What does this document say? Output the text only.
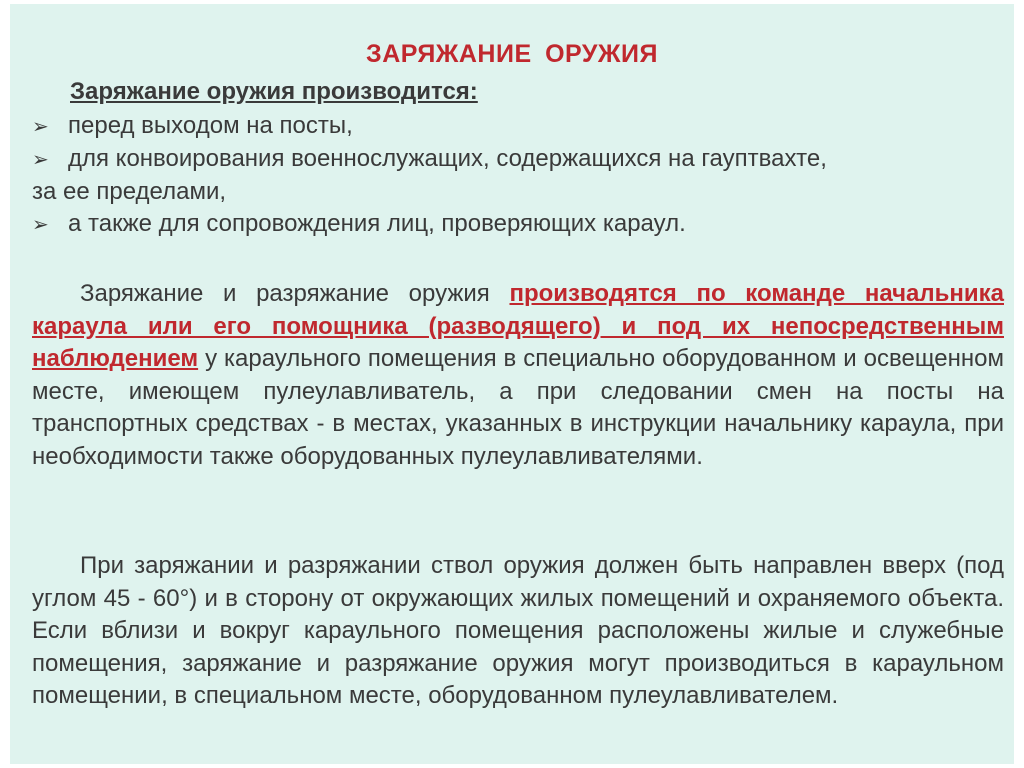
ЗАРЯЖАНИЕ ОРУЖИЯ
Заряжание оружия производится:
➢ перед выходом на посты,
➢ для конвоирования военнослужащих, содержащихся на гауптвахте,
за ее пределами,
➢ а также для сопровождения лиц, проверяющих караул.
Заряжание и разряжание оружия производятся по команде начальника караула или его помощника (разводящего) и под их непосредственным наблюдением у караульного помещения в специально оборудованном и освещенном месте, имеющем пулеулавливатель, а при следовании смен на посты на транспортных средствах - в местах, указанных в инструкции начальнику караула, при необходимости также оборудованных пулеулавливателями.
При заряжании и разряжании ствол оружия должен быть направлен вверх (под углом 45 - 60°) и в сторону от окружающих жилых помещений и охраняемого объекта. Если вблизи и вокруг караульного помещения расположены жилые и служебные помещения, заряжание и разряжание оружия могут производиться в караульном помещении, в специальном месте, оборудованном пулеулавливателем.
